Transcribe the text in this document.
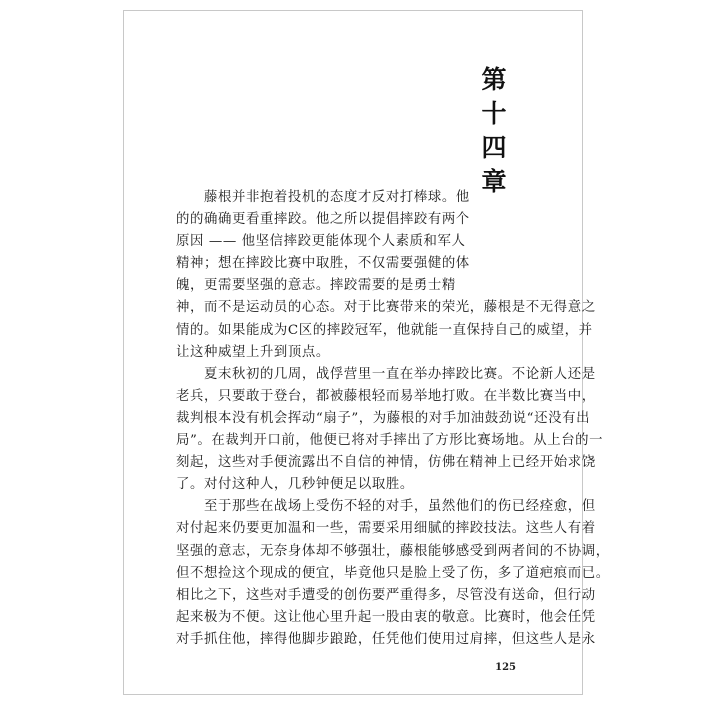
第
十
四
章
　　藤根并非抱着投机的态度才反对打棒球。他
的的确确更看重摔跤。他之所以提倡摔跤有两个
原因 —— 他坚信摔跤更能体现个人素质和军人
精神；想在摔跤比赛中取胜，不仅需要强健的体
魄，更需要坚强的意志。摔跤需要的是勇士精
神，而不是运动员的心态。对于比赛带来的荣光，藤根是不无得意之
情的。如果能成为C区的摔跤冠军，他就能一直保持自己的威望，并
让这种威望上升到顶点。
　　夏末秋初的几周，战俘营里一直在举办摔跤比赛。不论新人还是
老兵，只要敢于登台，都被藤根轻而易举地打败。在半数比赛当中，
裁判根本没有机会挥动“扇子”，为藤根的对手加油鼓劲说“还没有出
局”。在裁判开口前，他便已将对手摔出了方形比赛场地。从上台的一
刻起，这些对手便流露出不自信的神情，仿佛在精神上已经开始求饶
了。对付这种人，几秒钟便足以取胜。
　　至于那些在战场上受伤不轻的对手，虽然他们的伤已经痊愈，但
对付起来仍要更加温和一些，需要采用细腻的摔跤技法。这些人有着
坚强的意志，无奈身体却不够强壮，藤根能够感受到两者间的不协调，
但不想捡这个现成的便宜，毕竟他只是脸上受了伤，多了道疤痕而已。
相比之下，这些对手遭受的创伤要严重得多，尽管没有送命，但行动
起来极为不便。这让他心里升起一股由衷的敬意。比赛时，他会任凭
对手抓住他，摔得他脚步踉跄，任凭他们使用过肩摔，但这些人是永
125
